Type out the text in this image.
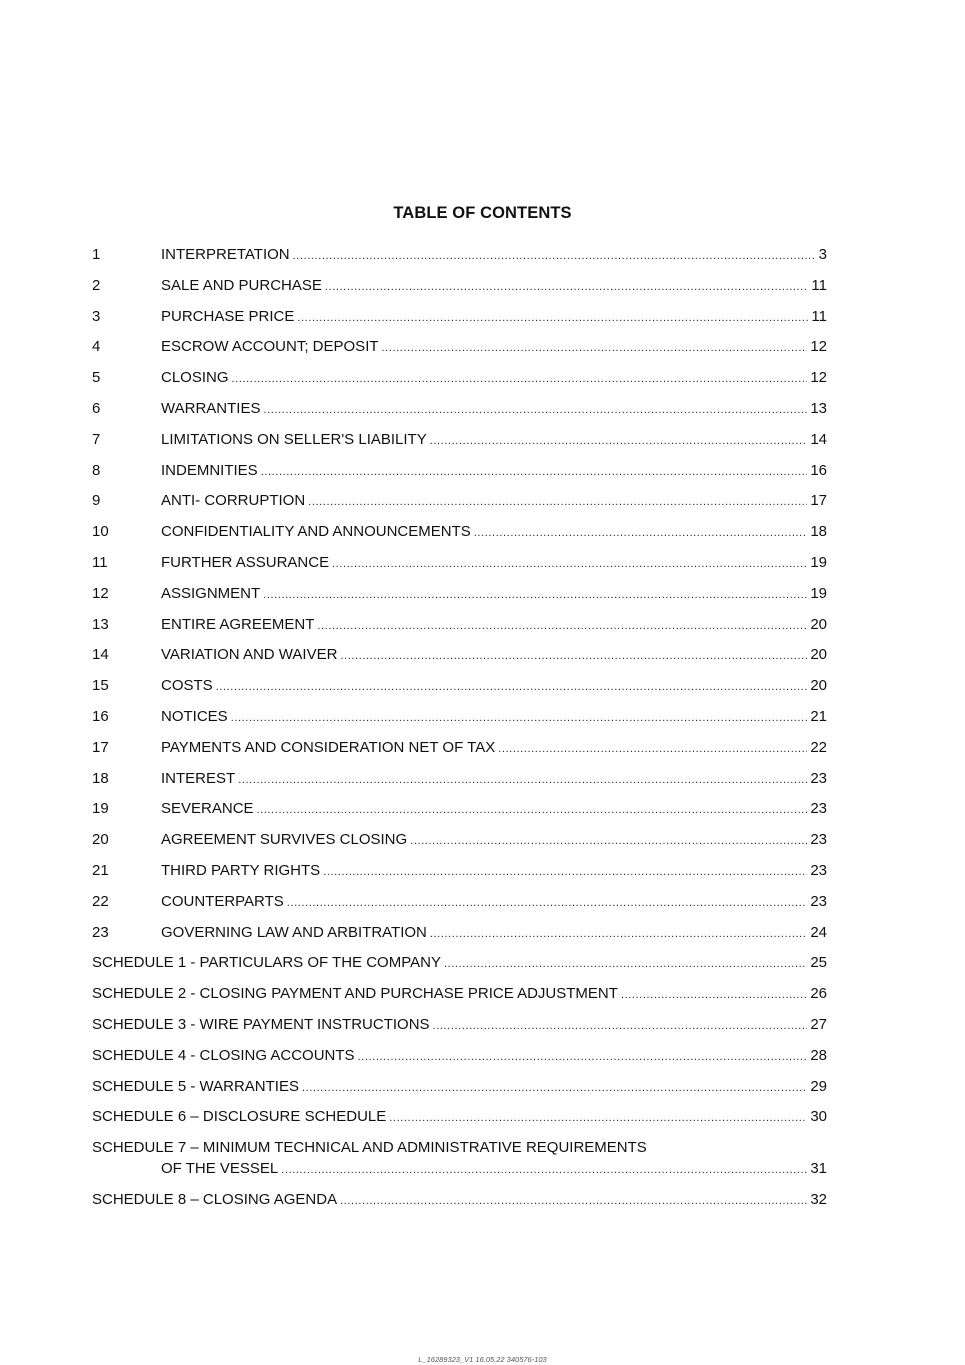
TABLE OF CONTENTS
1	INTERPRETATION .....	3
2	SALE AND PURCHASE .....	11
3	PURCHASE PRICE .....	11
4	ESCROW ACCOUNT; DEPOSIT .....	12
5	CLOSING .....	12
6	WARRANTIES .....	13
7	LIMITATIONS ON SELLER'S LIABILITY .....	14
8	INDEMNITIES .....	16
9	ANTI- CORRUPTION .....	17
10	CONFIDENTIALITY AND ANNOUNCEMENTS .....	18
11	FURTHER ASSURANCE .....	19
12	ASSIGNMENT .....	19
13	ENTIRE AGREEMENT .....	20
14	VARIATION AND WAIVER .....	20
15	COSTS .....	20
16	NOTICES .....	21
17	PAYMENTS AND CONSIDERATION NET OF TAX .....	22
18	INTEREST .....	23
19	SEVERANCE .....	23
20	AGREEMENT SURVIVES CLOSING .....	23
21	THIRD PARTY RIGHTS .....	23
22	COUNTERPARTS .....	23
23	GOVERNING LAW AND ARBITRATION .....	24
SCHEDULE 1 - PARTICULARS OF THE COMPANY .....	25
SCHEDULE 2 - CLOSING PAYMENT AND PURCHASE PRICE ADJUSTMENT .....	26
SCHEDULE 3 - WIRE PAYMENT INSTRUCTIONS .....	27
SCHEDULE 4 - CLOSING ACCOUNTS .....	28
SCHEDULE 5 - WARRANTIES .....	29
SCHEDULE 6 – DISCLOSURE SCHEDULE .....	30
SCHEDULE 7 – MINIMUM TECHNICAL AND ADMINISTRATIVE REQUIREMENTS
OF THE VESSEL .....	31
SCHEDULE 8 – CLOSING AGENDA .....	32
L_16289323_V1 16.05.22 340576-103
